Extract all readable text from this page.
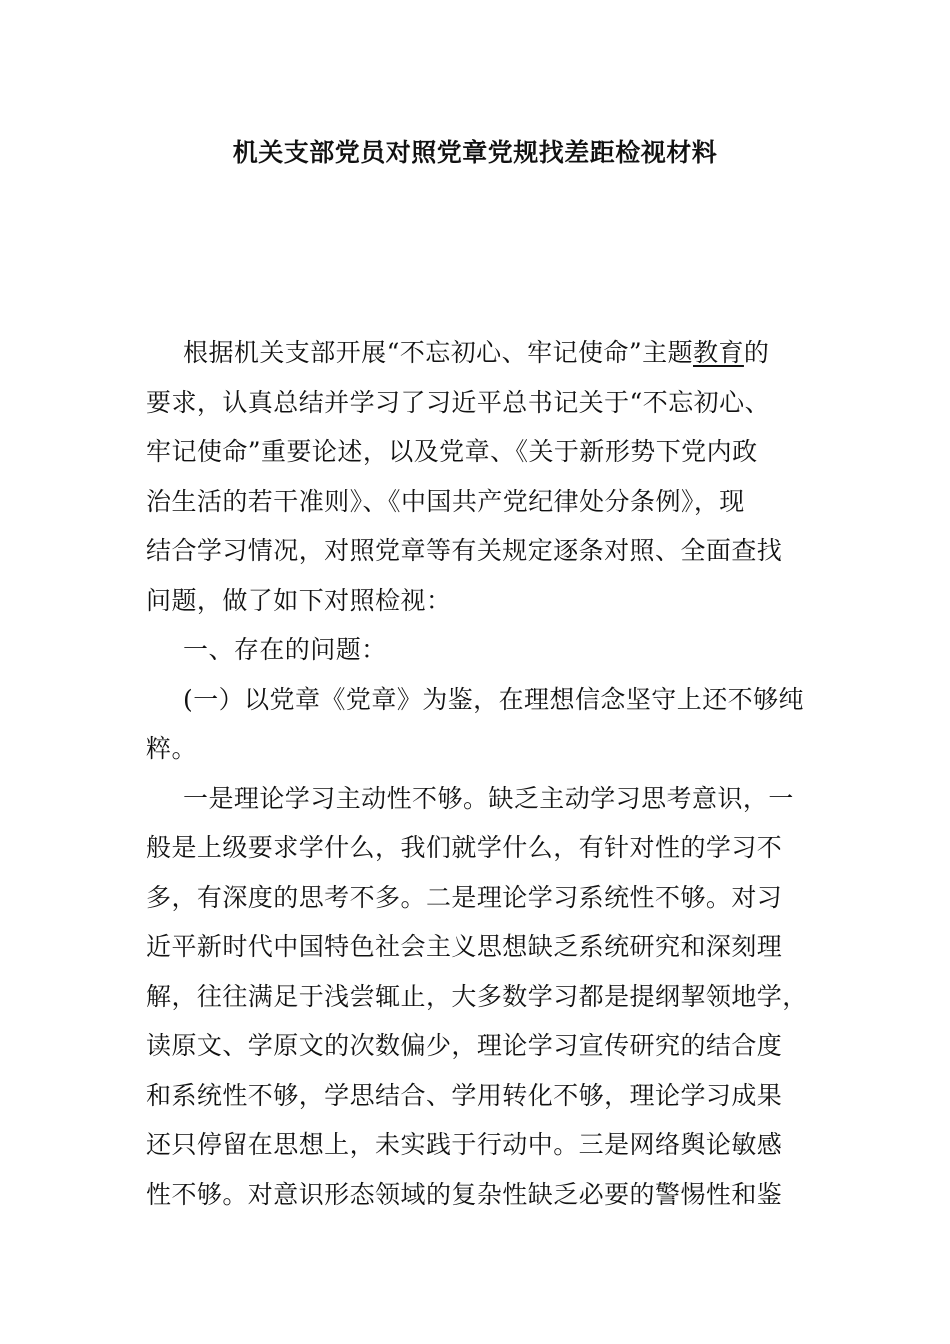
机关支部党员对照党章党规找差距检视材料
根据机关支部开展“不忘初心、牢记使命”主题教育的
要求，认真总结并学习了习近平总书记关于“不忘初心、
牢记使命”重要论述，以及党章、《关于新形势下党内政
治生活的若干准则》、《中国共产党纪律处分条例》，现
结合学习情况，对照党章等有关规定逐条对照、全面查找
问题，做了如下对照检视：
一、存在的问题：
(一）以党章《党章》为鉴，在理想信念坚守上还不够纯
粹。
一是理论学习主动性不够。缺乏主动学习思考意识，一
般是上级要求学什么，我们就学什么，有针对性的学习不
多，有深度的思考不多。二是理论学习系统性不够。对习
近平新时代中国特色社会主义思想缺乏系统研究和深刻理
解，往往满足于浅尝辄止，大多数学习都是提纲挈领地学，
读原文、学原文的次数偏少，理论学习宣传研究的结合度
和系统性不够，学思结合、学用转化不够，理论学习成果
还只停留在思想上，未实践于行动中。三是网络舆论敏感
性不够。对意识形态领域的复杂性缺乏必要的警惕性和鉴
